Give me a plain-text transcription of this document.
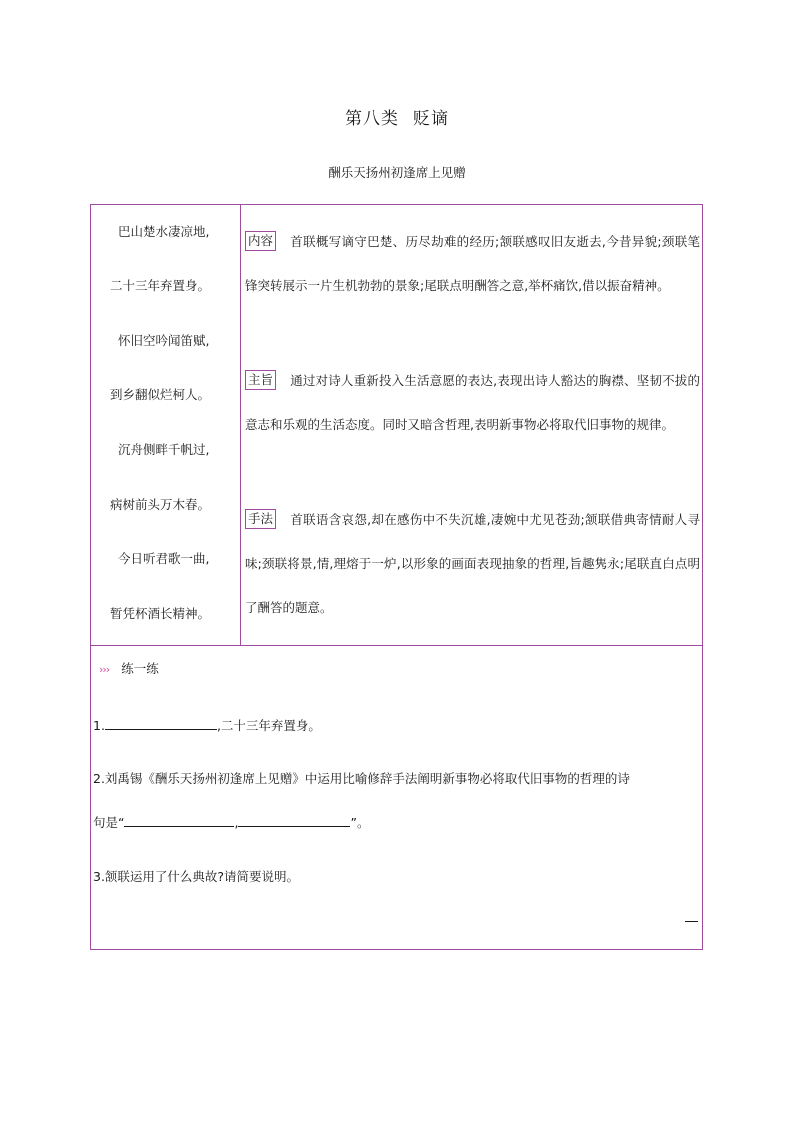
第八类 贬谪
酬乐天扬州初逢席上见赠
巴山楚水凄凉地,
二十三年弃置身。
怀旧空吟闻笛赋,
到乡翻似烂柯人。
沉舟侧畔千帆过,
病树前头万木春。
今日听君歌一曲,
暂凭杯酒长精神。
内容 首联概写谪守巴楚、历尽劫难的经历;颔联感叹旧友逝去,今昔异貌;颈联笔锋突转展示一片生机勃勃的景象;尾联点明酬答之意,举杯痛饮,借以振奋精神。
主旨 通过对诗人重新投入生活意愿的表达,表现出诗人豁达的胸襟、坚韧不拔的意志和乐观的生活态度。同时又暗含哲理,表明新事物必将取代旧事物的规律。
手法 首联语含哀怨,却在感伤中不失沉雄,凄婉中尤见苍劲;颔联借典寄情耐人寻味;颈联将景,情,理熔于一炉,以形象的画面表现抽象的哲理,旨趣隽永;尾联直白点明了酬答的题意。
››› 练一练
1.	,二十三年弃置身。
2.刘禹锡《酬乐天扬州初逢席上见赠》中运用比喻修辞手法阐明新事物必将取代旧事物的哲理的诗
句是“	,	”。
3.颔联运用了什么典故?请简要说明。
